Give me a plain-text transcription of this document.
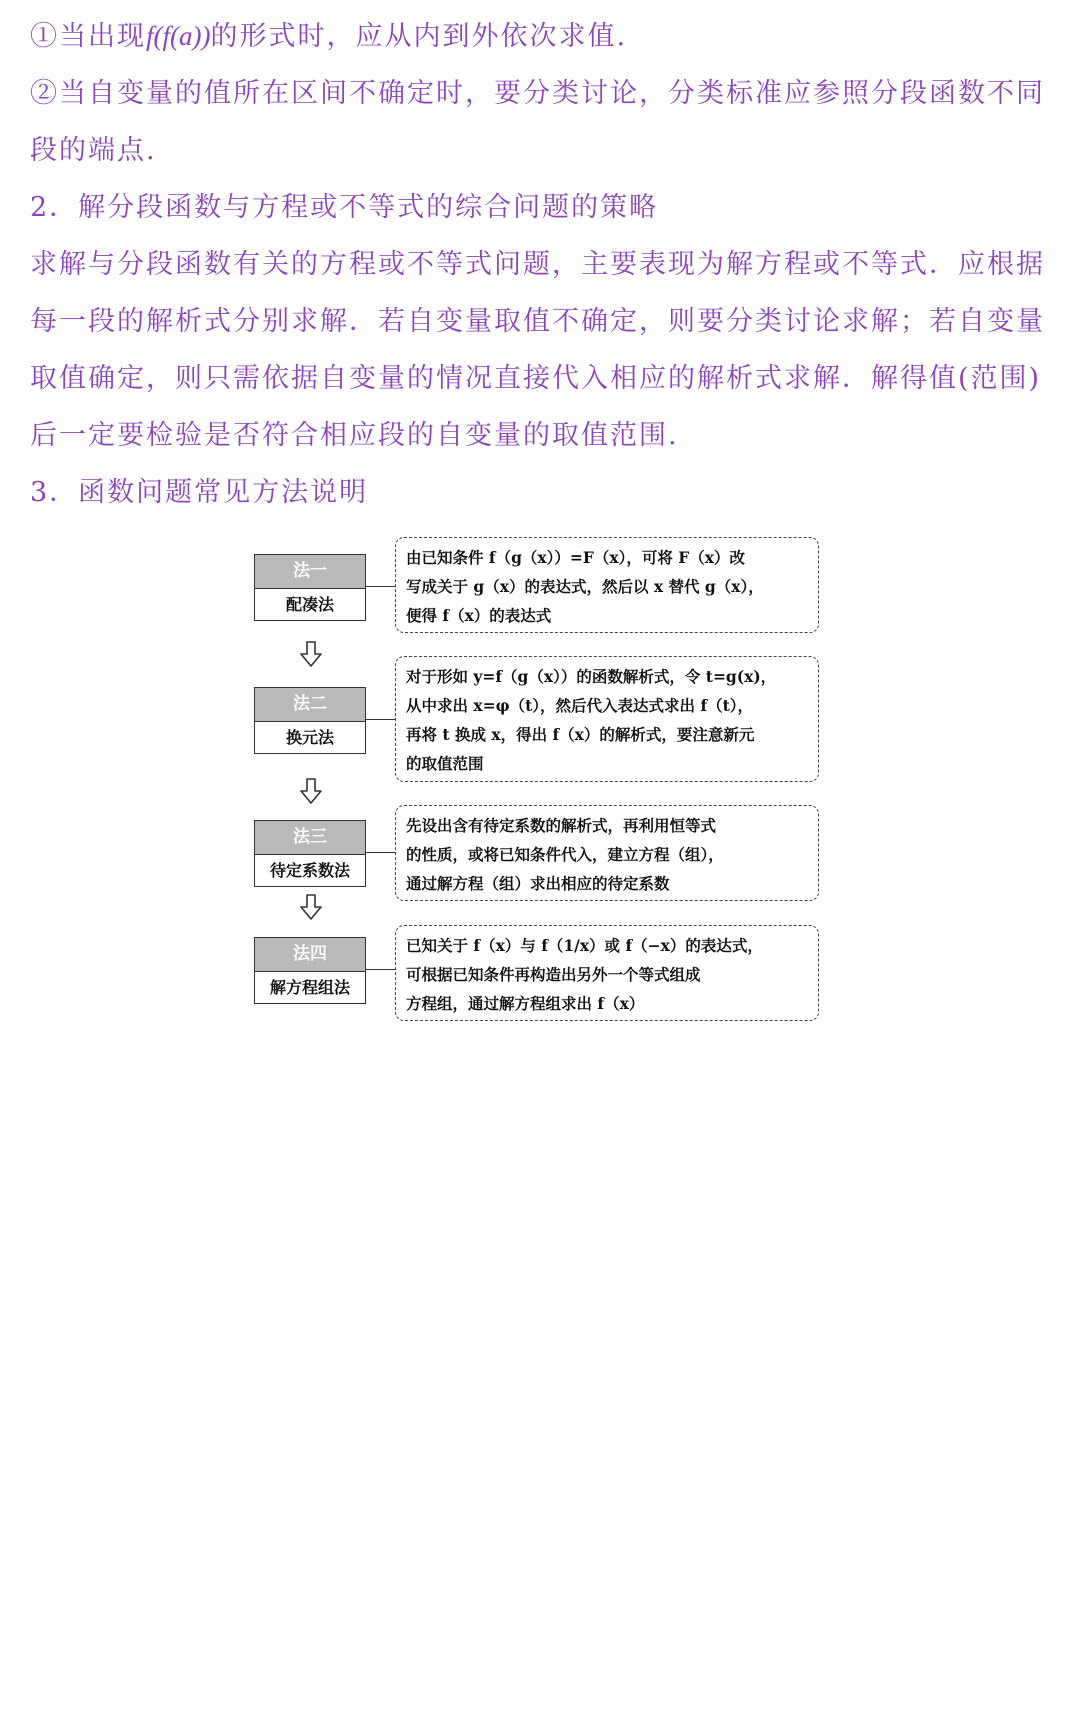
①当出现f(f(a))的形式时，应从内到外依次求值.
②当自变量的值所在区间不确定时，要分类讨论，分类标准应参照分段函数不同
段的端点.
2．解分段函数与方程或不等式的综合问题的策略
求解与分段函数有关的方程或不等式问题，主要表现为解方程或不等式．应根据
每一段的解析式分别求解．若自变量取值不确定，则要分类讨论求解；若自变量
取值确定，则只需依据自变量的情况直接代入相应的解析式求解．解得值(范围)
后一定要检验是否符合相应段的自变量的取值范围.
3．函数问题常见方法说明
法一
配凑法
由已知条件 f（g（x））=F（x），可将 F（x）改
写成关于 g（x）的表达式，然后以 x 替代 g（x），
便得 f（x）的表达式
法二
换元法
对于形如 y=f（g（x））的函数解析式，令 t=g(x)，
从中求出 x=φ（t），然后代入表达式求出 f（t），
再将 t 换成 x，得出 f（x）的解析式，要注意新元
的取值范围
法三
待定系数法
先设出含有待定系数的解析式，再利用恒等式
的性质，或将已知条件代入，建立方程（组），
通过解方程（组）求出相应的待定系数
法四
解方程组法
已知关于 f（x）与 f（1/x）或 f（−x）的表达式，
可根据已知条件再构造出另外一个等式组成
方程组，通过解方程组求出 f（x）
